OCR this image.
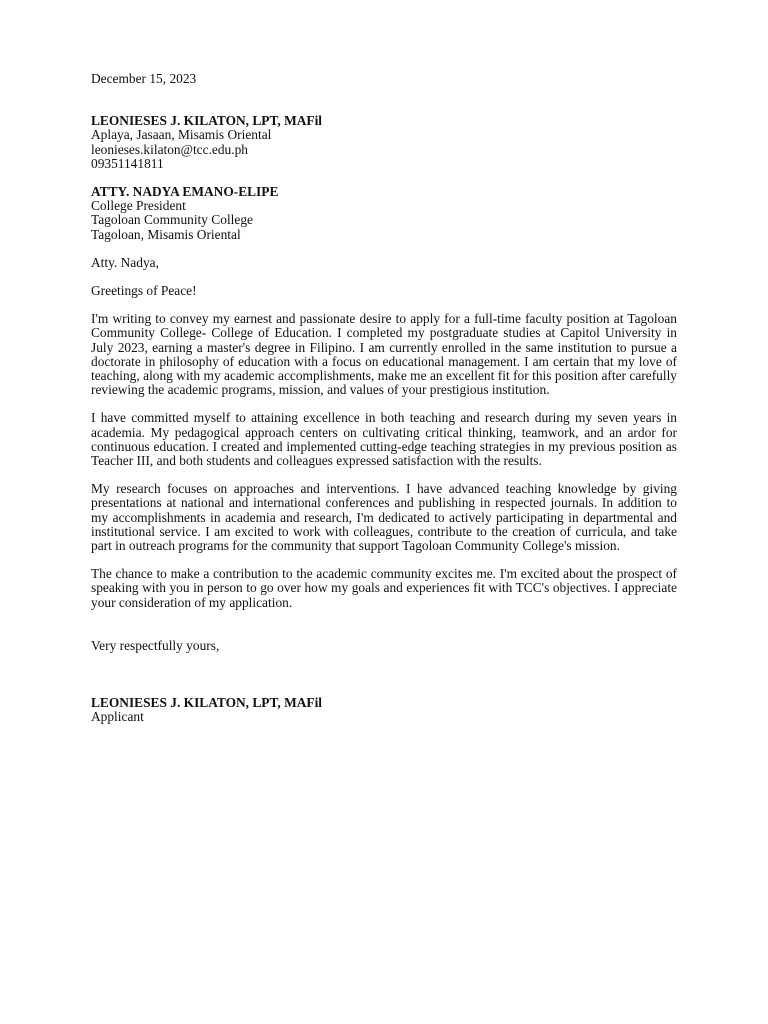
December 15, 2023
LEONIESES J. KILATON, LPT, MAFil
Aplaya, Jasaan, Misamis Oriental
leonieses.kilaton@tcc.edu.ph
09351141811
ATTY. NADYA EMANO-ELIPE
College President
Tagoloan Community College
Tagoloan, Misamis Oriental
Atty. Nadya,
Greetings of Peace!

I'm writing to convey my earnest and passionate desire to apply for a full-time faculty position at Tagoloan Community College- College of Education. I completed my postgraduate studies at Capitol University in July 2023, earning a master's degree in Filipino. I am currently enrolled in the same institution to pursue a doctorate in philosophy of education with a focus on educational management. I am certain that my love of teaching, along with my academic accomplishments, make me an excellent fit for this position after carefully reviewing the academic programs, mission, and values of your prestigious institution.

I have committed myself to attaining excellence in both teaching and research during my seven years in academia. My pedagogical approach centers on cultivating critical thinking, teamwork, and an ardor for continuous education. I created and implemented cutting-edge teaching strategies in my previous position as Teacher III, and both students and colleagues expressed satisfaction with the results.

My research focuses on approaches and interventions. I have advanced teaching knowledge by giving presentations at national and international conferences and publishing in respected journals. In addition to my accomplishments in academia and research, I'm dedicated to actively participating in departmental and institutional service. I am excited to work with colleagues, contribute to the creation of curricula, and take part in outreach programs for the community that support Tagoloan Community College's mission.

The chance to make a contribution to the academic community excites me. I'm excited about the prospect of speaking with you in person to go over how my goals and experiences fit with TCC's objectives. I appreciate your consideration of my application.

Very respectfully yours,
LEONIESES J. KILATON, LPT, MAFil
Applicant
